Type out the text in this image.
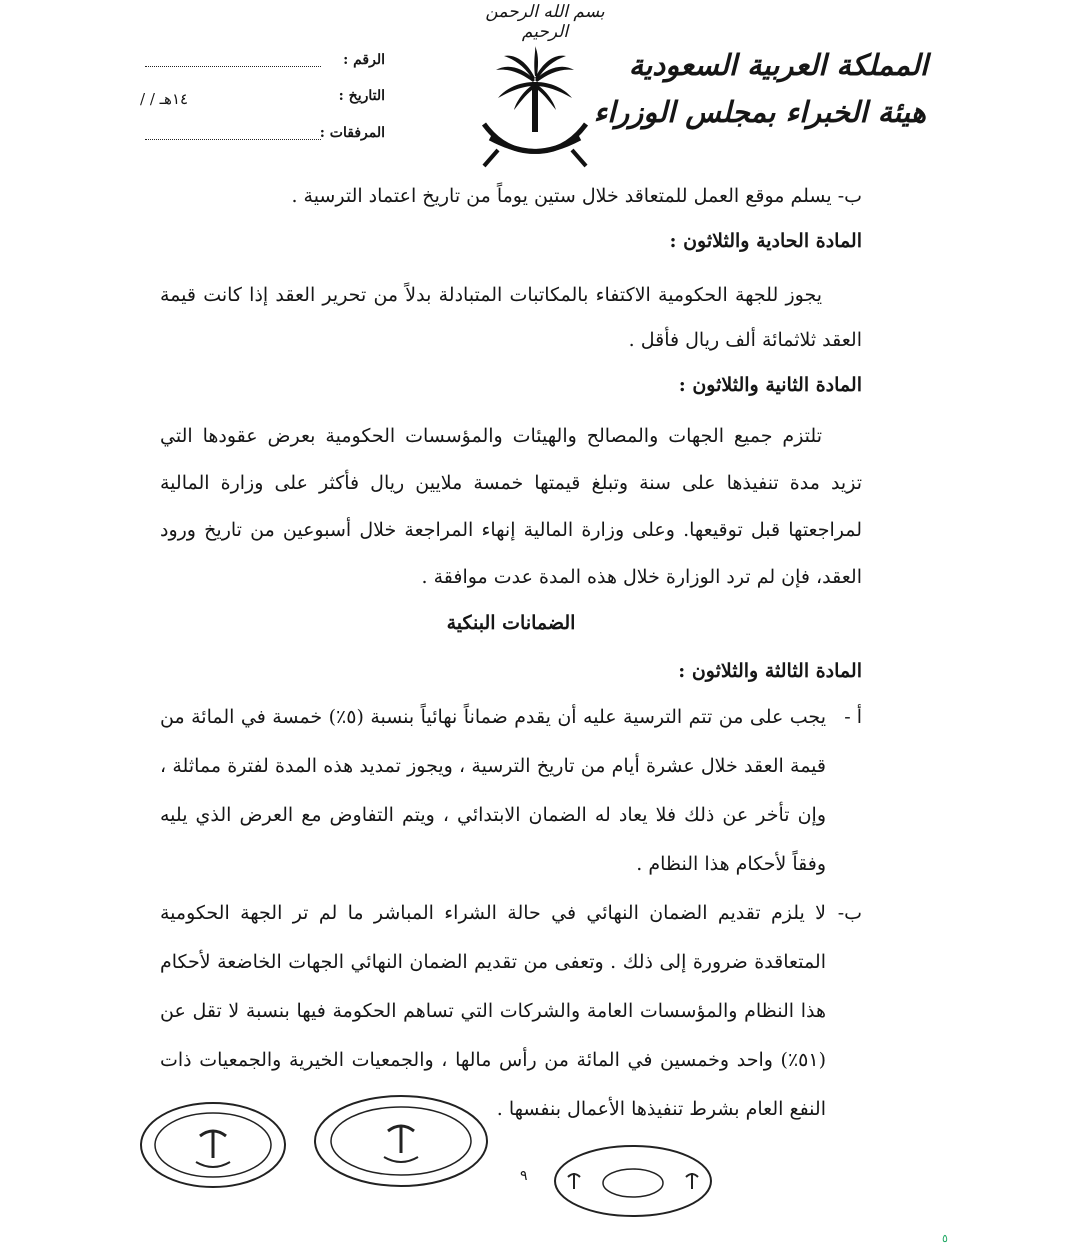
بسم الله الرحمن الرحيم
المملكة العربية السعودية
هيئة الخبراء بمجلس الوزراء
الرقم :
التاريخ :
/ / ١٤هـ
المرفقات :

ب- يسلم موقع العمل للمتعاقد خلال ستين يوماً من تاريخ اعتماد الترسية .

المادة الحادية والثلاثون :

يجوز للجهة الحكومية الاكتفاء بالمكاتبات المتبادلة بدلاً من تحرير العقد إذا كانت قيمة العقد ثلاثمائة ألف ريال فأقل .

المادة الثانية والثلاثون :

تلتزم جميع الجهات والمصالح والهيئات والمؤسسات الحكومية بعرض عقودها التي تزيد مدة تنفيذها على سنة وتبلغ قيمتها خمسة ملايين ريال فأكثر على وزارة المالية لمراجعتها قبل توقيعها. وعلى وزارة المالية إنهاء المراجعة خلال أسبوعين من تاريخ ورود العقد، فإن لم ترد الوزارة خلال هذه المدة عدت موافقة .

الضمانات البنكية

المادة الثالثة والثلاثون :

أ -

يجب على من تتم الترسية عليه أن يقدم ضماناً نهائياً بنسبة (٥٪) خمسة في المائة من قيمة العقد خلال عشرة أيام من تاريخ الترسية ، ويجوز تمديد هذه المدة لفترة مماثلة ، وإن تأخر عن ذلك فلا يعاد له الضمان الابتدائي ، ويتم التفاوض مع العرض الذي يليه وفقاً لأحكام هذا النظام .

ب-

لا يلزم تقديم الضمان النهائي في حالة الشراء المباشر ما لم تر الجهة الحكومية المتعاقدة ضرورة إلى ذلك . وتعفى من تقديم الضمان النهائي الجهات الخاضعة لأحكام هذا النظام والمؤسسات العامة والشركات التي تساهم الحكومة فيها بنسبة لا تقل عن (٥١٪) واحد وخمسين في المائة من رأس مالها ، والجمعيات الخيرية والجمعيات ذات النفع العام بشرط تنفيذها الأعمال بنفسها .

٩
٥
